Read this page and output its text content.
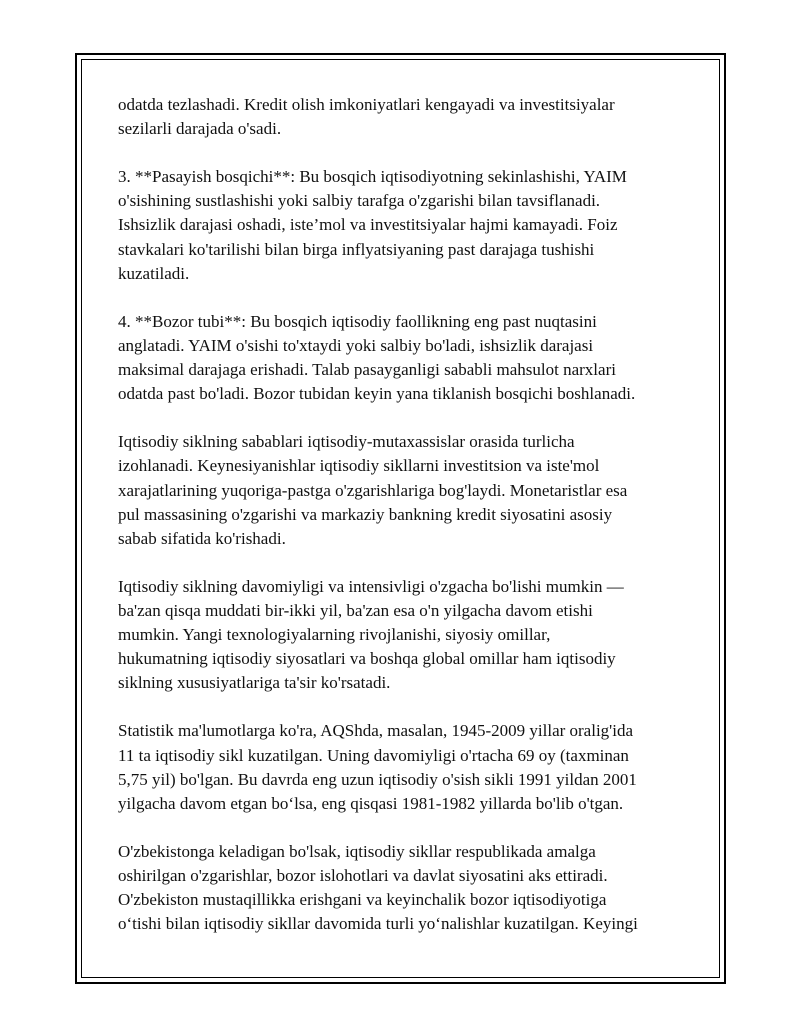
odatda tezlashadi. Kredit olish imkoniyatlari kengayadi va investitsiyalar
sezilarli darajada o'sadi.

3. **Pasayish bosqichi**: Bu bosqich iqtisodiyotning sekinlashishi, YAIM
o'sishining sustlashishi yoki salbiy tarafga o'zgarishi bilan tavsiflanadi.
Ishsizlik darajasi oshadi, iste’mol va investitsiyalar hajmi kamayadi. Foiz
stavkalari ko'tarilishi bilan birga inflyatsiyaning past darajaga tushishi
kuzatiladi.

4. **Bozor tubi**: Bu bosqich iqtisodiy faollikning eng past nuqtasini
anglatadi. YAIM o'sishi to'xtaydi yoki salbiy bo'ladi, ishsizlik darajasi
maksimal darajaga erishadi. Talab pasayganligi sababli mahsulot narxlari
odatda past bo'ladi. Bozor tubidan keyin yana tiklanish bosqichi boshlanadi.

Iqtisodiy siklning sabablari iqtisodiy-mutaxassislar orasida turlicha
izohlanadi. Keynesiyanishlar iqtisodiy sikllarni investitsion va iste'mol
xarajatlarining yuqoriga-pastga o'zgarishlariga bog'laydi. Monetaristlar esa
pul massasining o'zgarishi va markaziy bankning kredit siyosatini asosiy
sabab sifatida ko'rishadi.

Iqtisodiy siklning davomiyligi va intensivligi o'zgacha bo'lishi mumkin —
ba'zan qisqa muddati bir-ikki yil, ba'zan esa o'n yilgacha davom etishi
mumkin. Yangi texnologiyalarning rivojlanishi, siyosiy omillar,
hukumatning iqtisodiy siyosatlari va boshqa global omillar ham iqtisodiy
siklning xususiyatlariga ta'sir ko'rsatadi.

Statistik ma'lumotlarga ko'ra, AQShda, masalan, 1945-2009 yillar oralig'ida
11 ta iqtisodiy sikl kuzatilgan. Uning davomiyligi o'rtacha 69 oy (taxminan
5,75 yil) bo'lgan. Bu davrda eng uzun iqtisodiy o'sish sikli 1991 yildan 2001
yilgacha davom etgan bo‘lsa, eng qisqasi 1981-1982 yillarda bo'lib o'tgan.

O'zbekistonga keladigan bo'lsak, iqtisodiy sikllar respublikada amalga
oshirilgan o'zgarishlar, bozor islohotlari va davlat siyosatini aks ettiradi.
O'zbekiston mustaqillikka erishgani va keyinchalik bozor iqtisodiyotiga
o‘tishi bilan iqtisodiy sikllar davomida turli yo‘nalishlar kuzatilgan. Keyingi
